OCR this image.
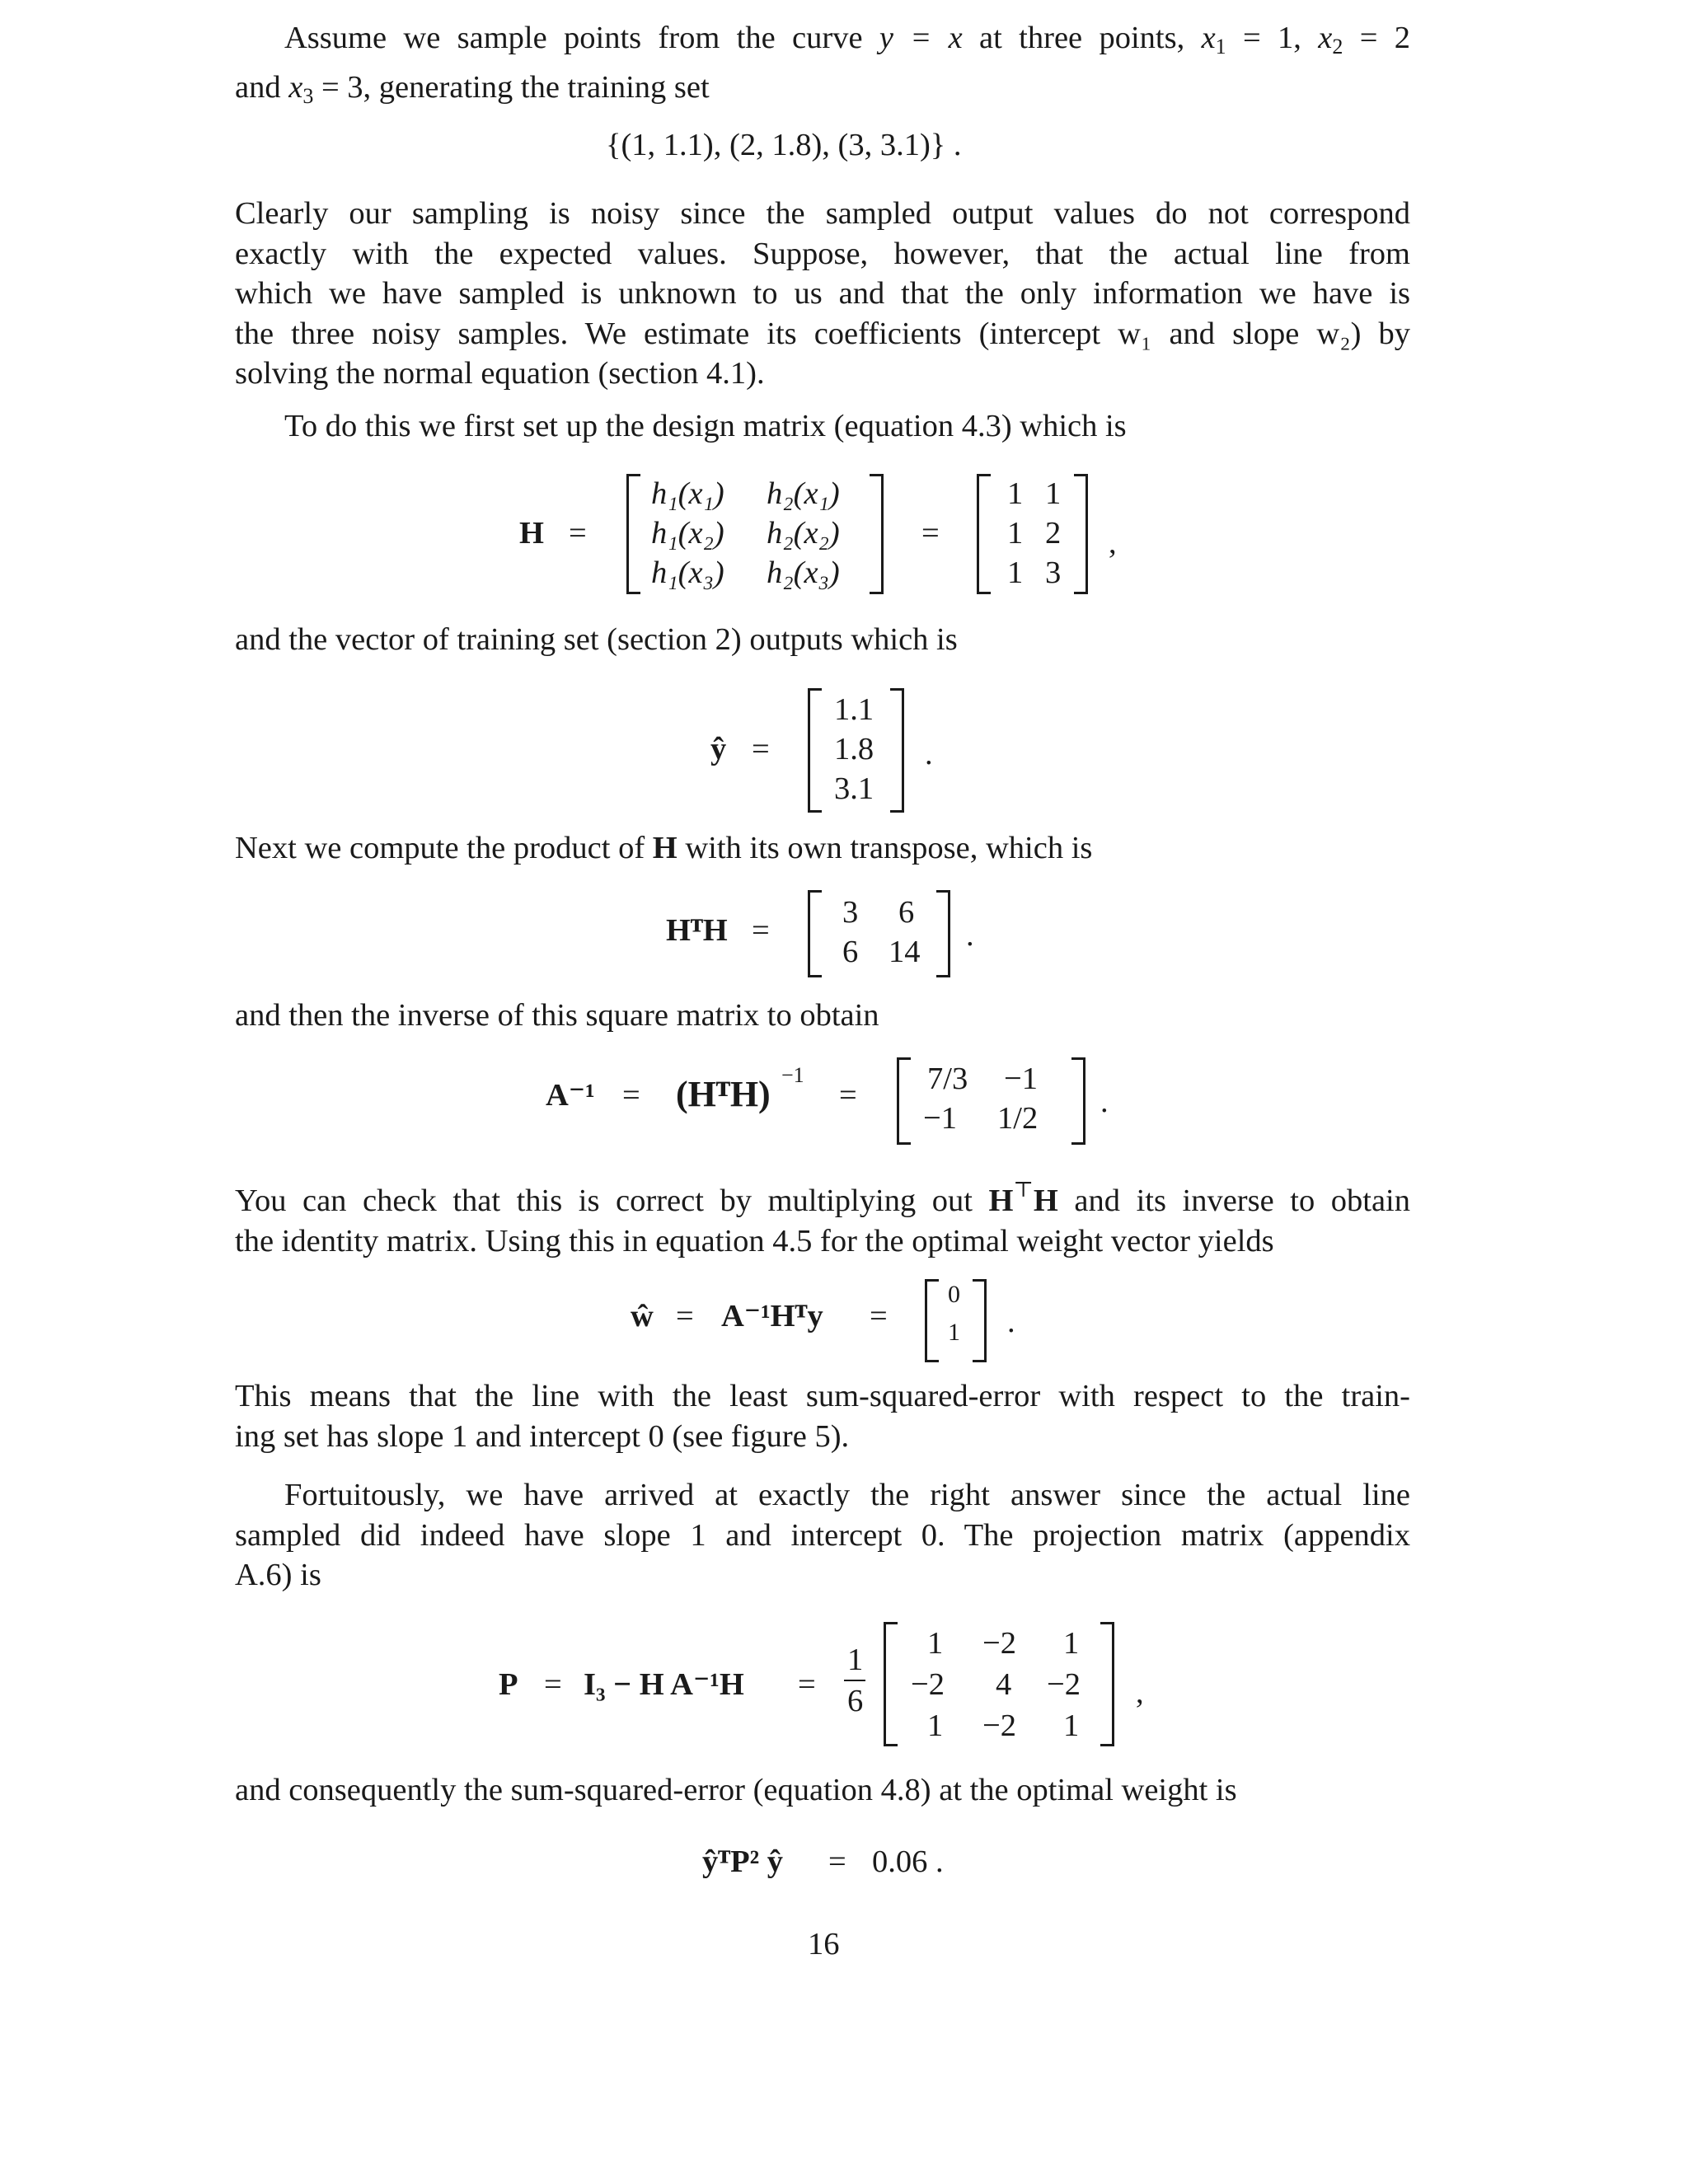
Assume we sample points from the curve y = x at three points, $x_1 = 1$, $x_2 = 2$
and $x_3 = 3$, generating the training set
{(1, 1.1), (2, 1.8), (3, 3.1)} .
Clearly our sampling is noisy since the sampled output values do not correspond
exactly with the expected values. Suppose, however, that the actual line from
which we have sampled is unknown to us and that the only information we have is
the three noisy samples. We estimate its coefficients (intercept w₁ and slope w₂) by
solving the normal equation (section 4.1).
To do this we first set up the design matrix (equation 4.3) which is
H =
h₁(x₁) h₂(x₁)
h₁(x₂) h₂(x₂)
h₁(x₃) h₂(x₃)
=
1 1
1 2
1 3
,
and the vector of training set (section 2) outputs which is
ŷ =
1.1
1.8
3.1
.
Next we compute the product of H with its own transpose, which is
HᵀH =
3 6
6 14 .
and then the inverse of this square matrix to obtain
A⁻¹ = (HᵀH) −1
= 7/3 −1
−1 1/2 .
You can check that this is correct by multiplying out H⊤H and its inverse to obtain
the identity matrix. Using this in equation 4.5 for the optimal weight vector yields
ŵ = A⁻¹Hᵀy =
0
1 .
This means that the line with the least sum-squared-error with respect to the train-
ing set has slope 1 and intercept 0 (see figure 5).
Fortuitously, we have arrived at exactly the right answer since the actual line
sampled did indeed have slope 1 and intercept 0. The projection matrix (appendix
A.6) is
P = I₃ − H A⁻¹H =
1
6
1 −2 1
−2 4 −2
1 −2 1
,
and consequently the sum-squared-error (equation 4.8) at the optimal weight is
ŷᵀP² ŷ = 0.06 .
16
